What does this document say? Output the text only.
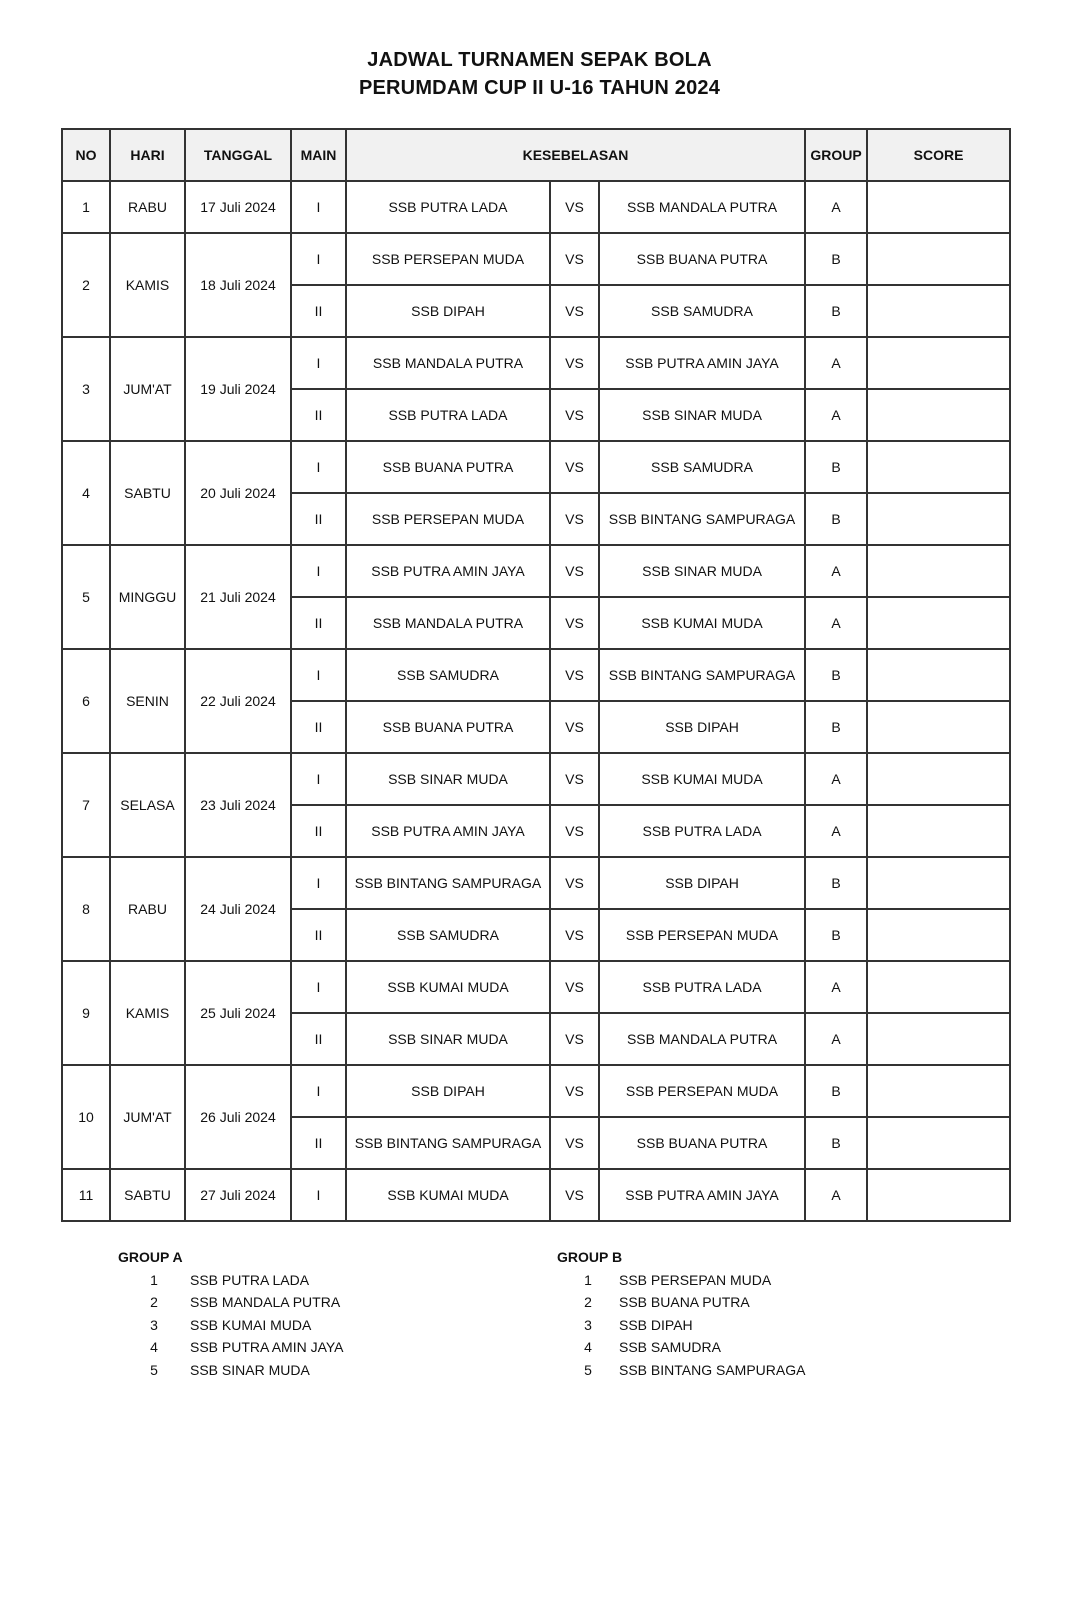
JADWAL TURNAMEN SEPAK BOLA
PERUMDAM CUP II U-16 TAHUN 2024
NO	HARI	TANGGAL	MAIN	KESEBELASAN			GROUP	SCORE
1	RABU	17 Juli 2024	I	SSB PUTRA LADA	VS	SSB MANDALA PUTRA	A	
2	KAMIS	18 Juli 2024	I	SSB PERSEPAN MUDA	VS	SSB BUANA PUTRA	B	
			II	SSB DIPAH	VS	SSB SAMUDRA	B	
3	JUM'AT	19 Juli 2024	I	SSB MANDALA PUTRA	VS	SSB PUTRA AMIN JAYA	A	
			II	SSB PUTRA LADA	VS	SSB SINAR MUDA	A	
4	SABTU	20 Juli 2024	I	SSB BUANA PUTRA	VS	SSB SAMUDRA	B	
			II	SSB PERSEPAN MUDA	VS	SSB BINTANG SAMPURAGA	B	
5	MINGGU	21 Juli 2024	I	SSB PUTRA AMIN JAYA	VS	SSB SINAR MUDA	A	
			II	SSB MANDALA PUTRA	VS	SSB KUMAI MUDA	A	
6	SENIN	22 Juli 2024	I	SSB SAMUDRA	VS	SSB BINTANG SAMPURAGA	B	
			II	SSB BUANA PUTRA	VS	SSB DIPAH	B	
7	SELASA	23 Juli 2024	I	SSB SINAR MUDA	VS	SSB KUMAI MUDA	A	
			II	SSB PUTRA AMIN JAYA	VS	SSB PUTRA LADA	A	
8	RABU	24 Juli 2024	I	SSB BINTANG SAMPURAGA	VS	SSB DIPAH	B	
			II	SSB SAMUDRA	VS	SSB PERSEPAN MUDA	B	
9	KAMIS	25 Juli 2024	I	SSB KUMAI MUDA	VS	SSB PUTRA LADA	A	
			II	SSB SINAR MUDA	VS	SSB MANDALA PUTRA	A	
10	JUM'AT	26 Juli 2024	I	SSB DIPAH	VS	SSB PERSEPAN MUDA	B	
			II	SSB BINTANG SAMPURAGA	VS	SSB BUANA PUTRA	B	
11	SABTU	27 Juli 2024	I	SSB KUMAI MUDA	VS	SSB PUTRA AMIN JAYA	A	
GROUP A
1	SSB PUTRA LADA
2	SSB MANDALA PUTRA
3	SSB KUMAI MUDA
4	SSB PUTRA AMIN JAYA
5	SSB SINAR MUDA
GROUP B
1	SSB PERSEPAN MUDA
2	SSB BUANA PUTRA
3	SSB DIPAH
4	SSB SAMUDRA
5	SSB BINTANG SAMPURAGA
